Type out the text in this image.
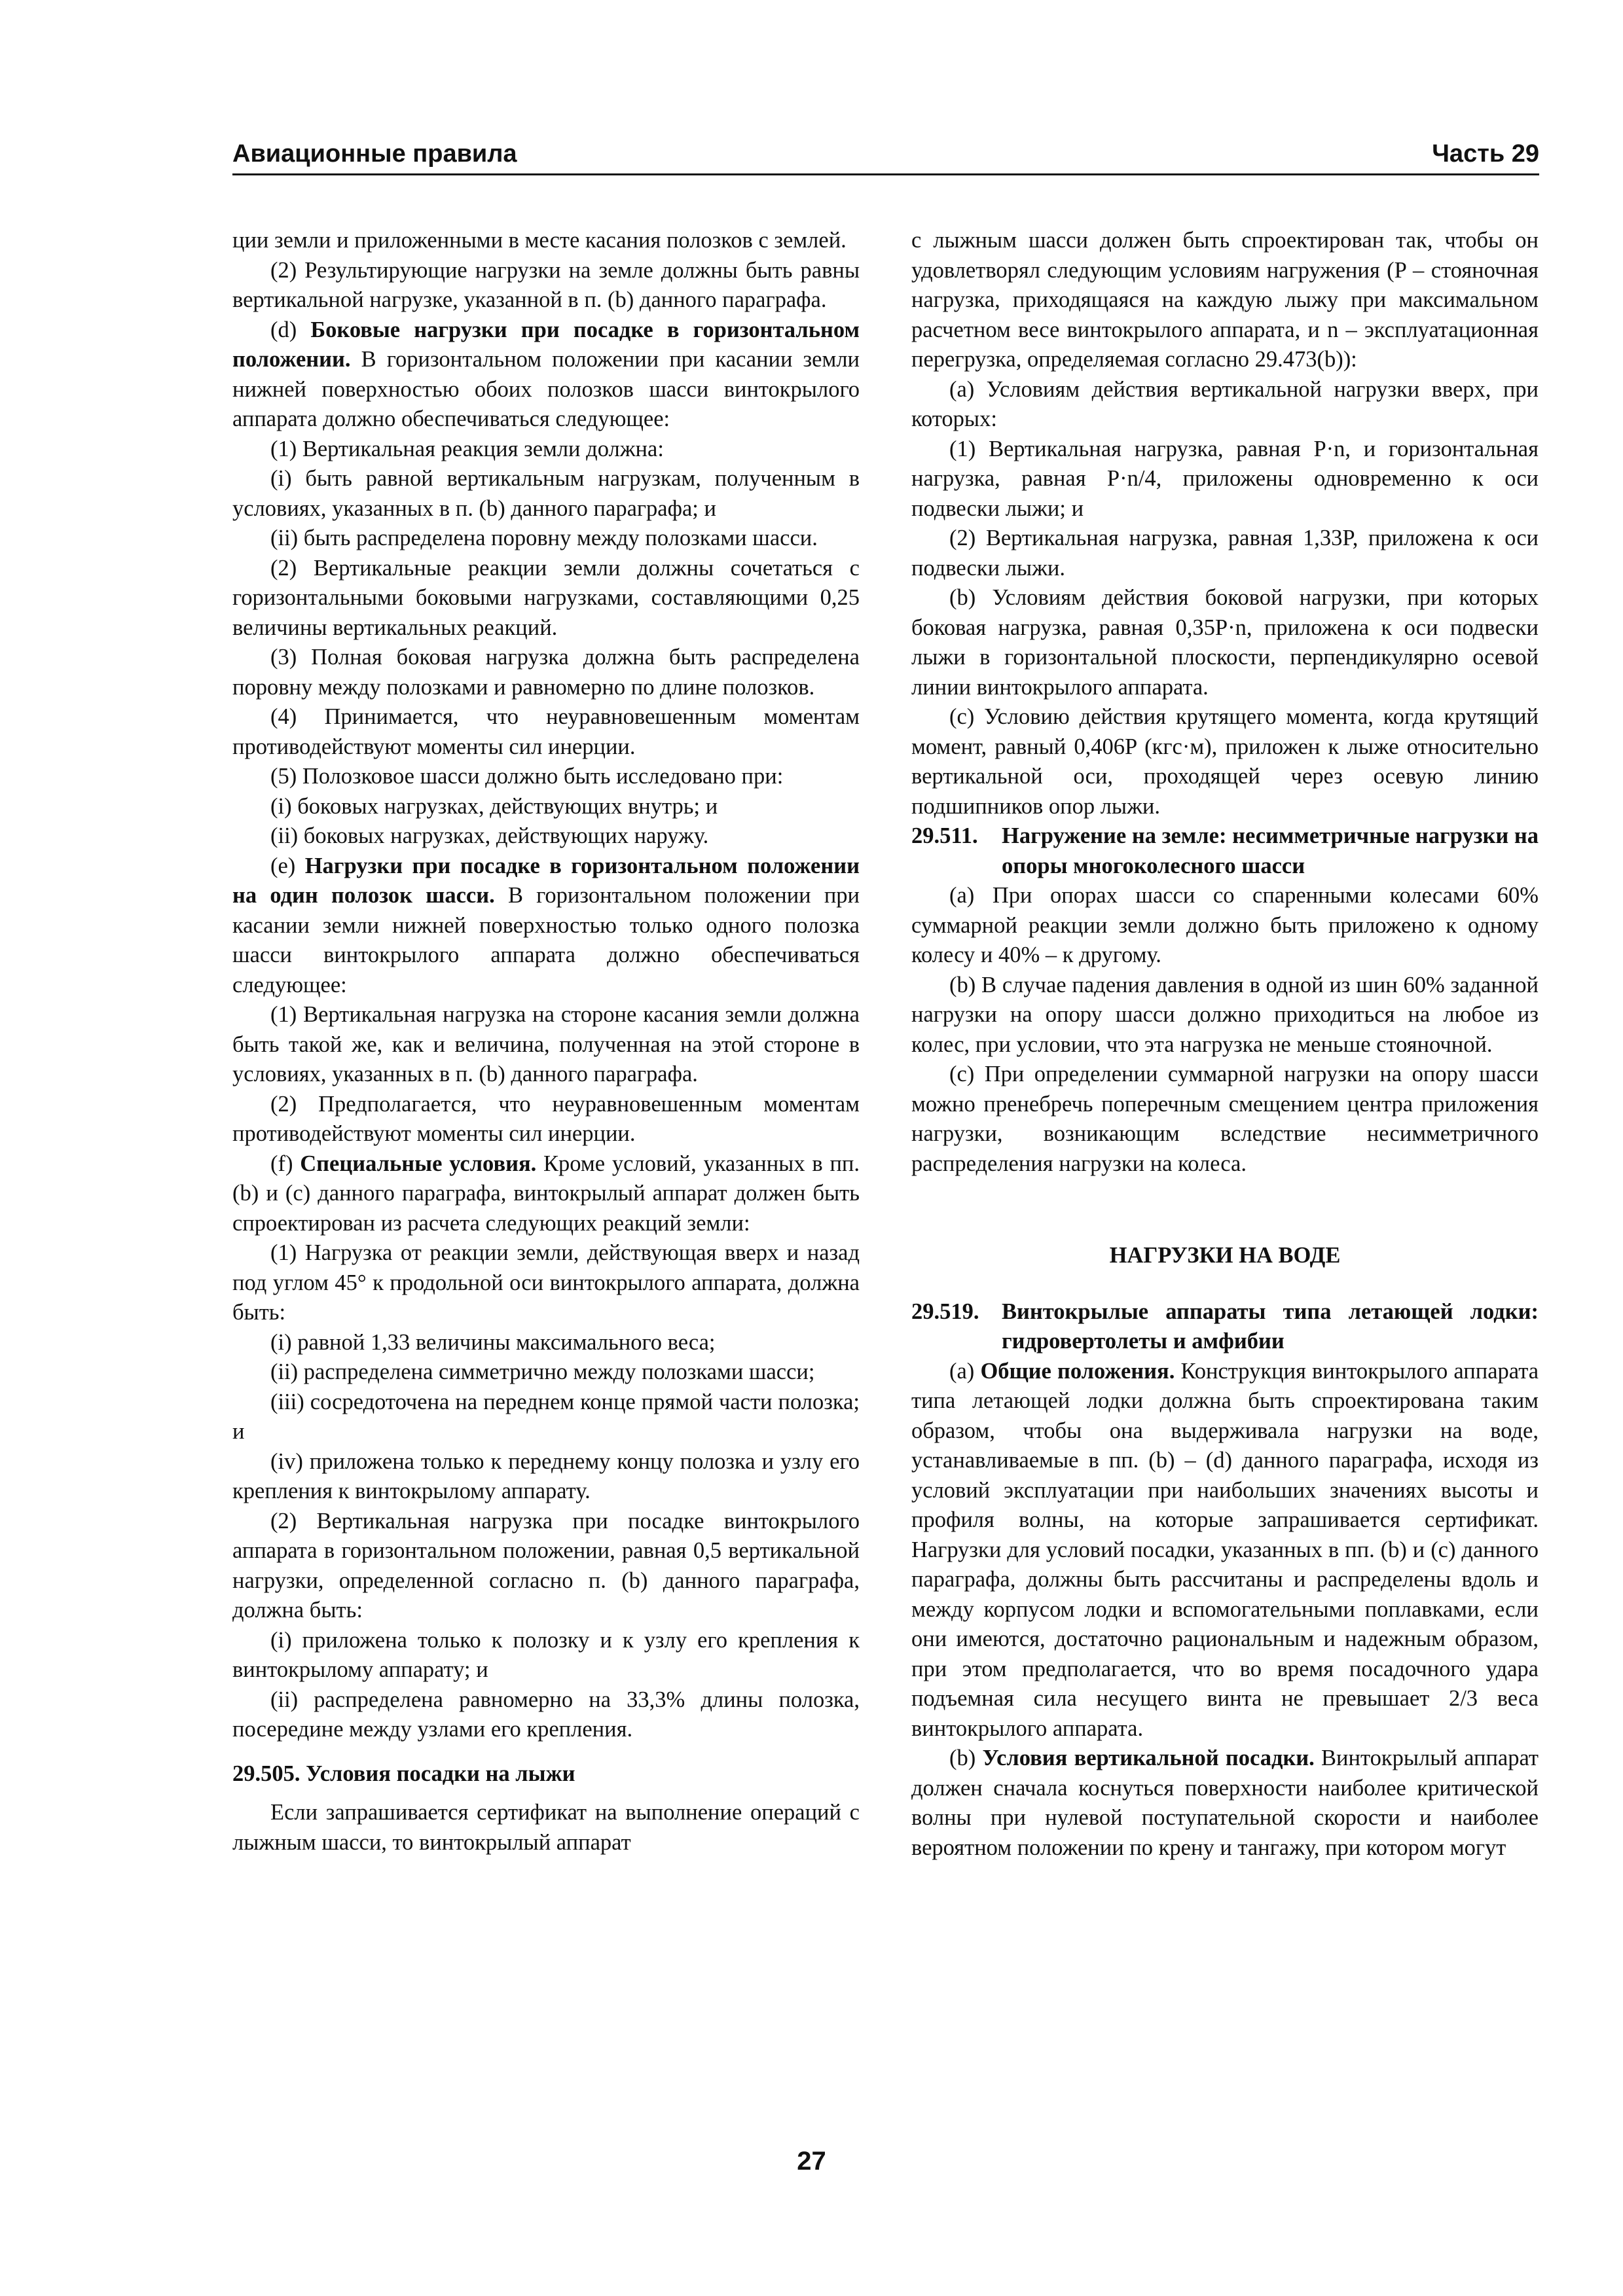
Авиационные правила	Часть 29

ции земли и приложенными в месте касания полозков с землей.

(2) Результирующие нагрузки на земле должны быть равны вертикальной нагрузке, указанной в п. (b) данного параграфа.

(d) Боковые нагрузки при посадке в горизонтальном положении. В горизонтальном положении при касании земли нижней поверхностью обоих полозков шасси винтокрылого аппарата должно обеспечиваться следующее:

(1) Вертикальная реакция земли должна:

(i) быть равной вертикальным нагрузкам, полученным в условиях, указанных в п. (b) данного параграфа; и

(ii) быть распределена поровну между полозками шасси.

(2) Вертикальные реакции земли должны сочетаться с горизонтальными боковыми нагрузками, составляющими 0,25 величины вертикальных реакций.

(3) Полная боковая нагрузка должна быть распределена поровну между полозками и равномерно по длине полозков.

(4) Принимается, что неуравновешенным моментам противодействуют моменты сил инерции.

(5) Полозковое шасси должно быть исследовано при:

(i) боковых нагрузках, действующих внутрь; и

(ii) боковых нагрузках, действующих наружу.

(e) Нагрузки при посадке в горизонтальном положении на один полозок шасси. В горизонтальном положении при касании земли нижней поверхностью только одного полозка шасси винтокрылого аппарата должно обеспечиваться следующее:

(1) Вертикальная нагрузка на стороне касания земли должна быть такой же, как и величина, полученная на этой стороне в условиях, указанных в п. (b) данного параграфа.

(2) Предполагается, что неуравновешенным моментам противодействуют моменты сил инерции.

(f) Специальные условия. Кроме условий, указанных в пп. (b) и (c) данного параграфа, винтокрылый аппарат должен быть спроектирован из расчета следующих реакций земли:

(1) Нагрузка от реакции земли, действующая вверх и назад под углом 45° к продольной оси винтокрылого аппарата, должна быть:

(i) равной 1,33 величины максимального веса;

(ii) распределена симметрично между полозками шасси;

(iii) сосредоточена на переднем конце прямой части полозка; и

(iv) приложена только к переднему концу полозка и узлу его крепления к винтокрылому аппарату.

(2) Вертикальная нагрузка при посадке винтокрылого аппарата в горизонтальном положении, равная 0,5 вертикальной нагрузки, определенной согласно п. (b) данного параграфа, должна быть:

(i) приложена только к полозку и к узлу его крепления к винтокрылому аппарату; и

(ii) распределена равномерно на 33,3% длины полозка, посередине между узлами его крепления.

29.505. Условия посадки на лыжи

Если запрашивается сертификат на выполнение операций с лыжным шасси, то винтокрылый аппарат

с лыжным шасси должен быть спроектирован так, чтобы он удовлетворял следующим условиям нагружения (P – стояночная нагрузка, приходящаяся на каждую лыжу при максимальном расчетном весе винтокрылого аппарата, и n – эксплуатационная перегрузка, определяемая согласно 29.473(b)):

(a) Условиям действия вертикальной нагрузки вверх, при которых:

(1) Вертикальная нагрузка, равная P·n, и горизонтальная нагрузка, равная P·n/4, приложены одновременно к оси подвески лыжи; и

(2) Вертикальная нагрузка, равная 1,33P, приложена к оси подвески лыжи.

(b) Условиям действия боковой нагрузки, при которых боковая нагрузка, равная 0,35P·n, приложена к оси подвески лыжи в горизонтальной плоскости, перпендикулярно осевой линии винтокрылого аппарата.

(c) Условию действия крутящего момента, когда крутящий момент, равный 0,406P (кгс·м), приложен к лыже относительно вертикальной оси, проходящей через осевую линию подшипников опор лыжи.

29.511. Нагружение на земле: несимметричные нагрузки на опоры многоколесного шасси

(a) При опорах шасси со спаренными колесами 60% суммарной реакции земли должно быть приложено к одному колесу и 40% – к другому.

(b) В случае падения давления в одной из шин 60% заданной нагрузки на опору шасси должно приходиться на любое из колес, при условии, что эта нагрузка не меньше стояночной.

(c) При определении суммарной нагрузки на опору шасси можно пренебречь поперечным смещением центра приложения нагрузки, возникающим вследствие несимметричного распределения нагрузки на колеса.

НАГРУЗКИ НА ВОДЕ

29.519. Винтокрылые аппараты типа летающей лодки: гидровертолеты и амфибии

(a) Общие положения. Конструкция винтокрылого аппарата типа летающей лодки должна быть спроектирована таким образом, чтобы она выдерживала нагрузки на воде, устанавливаемые в пп. (b) – (d) данного параграфа, исходя из условий эксплуатации при наибольших значениях высоты и профиля волны, на которые запрашивается сертификат. Нагрузки для условий посадки, указанных в пп. (b) и (c) данного параграфа, должны быть рассчитаны и распределены вдоль и между корпусом лодки и вспомогательными поплавками, если они имеются, достаточно рациональным и надежным образом, при этом предполагается, что во время посадочного удара подъемная сила несущего винта не превышает 2/3 веса винтокрылого аппарата.

(b) Условия вертикальной посадки. Винтокрылый аппарат должен сначала коснуться поверхности наиболее критической волны при нулевой поступательной скорости и наиболее вероятном положении по крену и тангажу, при котором могут

27
